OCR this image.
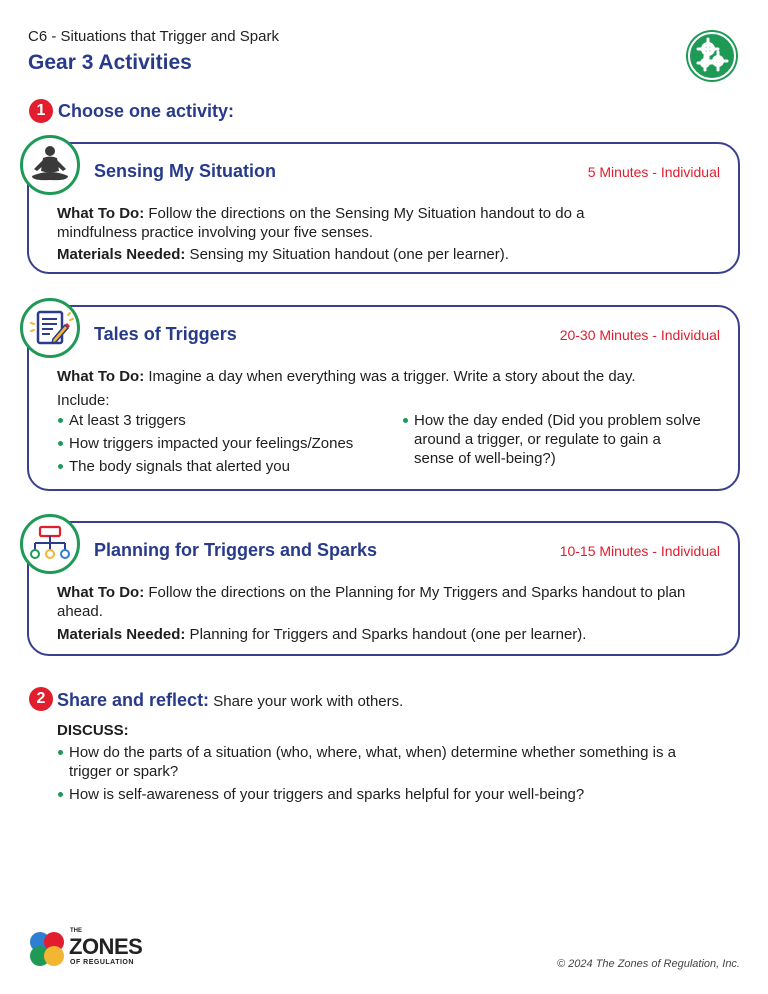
C6 - Situations that Trigger and Spark
Gear 3 Activities
1 Choose one activity:
Sensing My Situation	5 Minutes - Individual
What To Do: Follow the directions on the Sensing My Situation handout to do a mindfulness practice involving your five senses.
Materials Needed: Sensing my Situation handout (one per learner).
Tales of Triggers	20-30 Minutes - Individual
What To Do: Imagine a day when everything was a trigger. Write a story about the day.
Include:
At least 3 triggers
How triggers impacted your feelings/Zones
The body signals that alerted you
How the day ended (Did you problem solve around a trigger, or regulate to gain a sense of well-being?)
Planning for Triggers and Sparks	10-15 Minutes - Individual
What To Do: Follow the directions on the Planning for My Triggers and Sparks handout to plan ahead.
Materials Needed: Planning for Triggers and Sparks handout (one per learner).
2 Share and reflect: Share your work with others.
DISCUSS:
How do the parts of a situation (who, where, what, when) determine whether something is a trigger or spark?
How is self-awareness of your triggers and sparks helpful for your well-being?
THE
ZONES
OF REGULATION	© 2024 The Zones of Regulation, Inc.
